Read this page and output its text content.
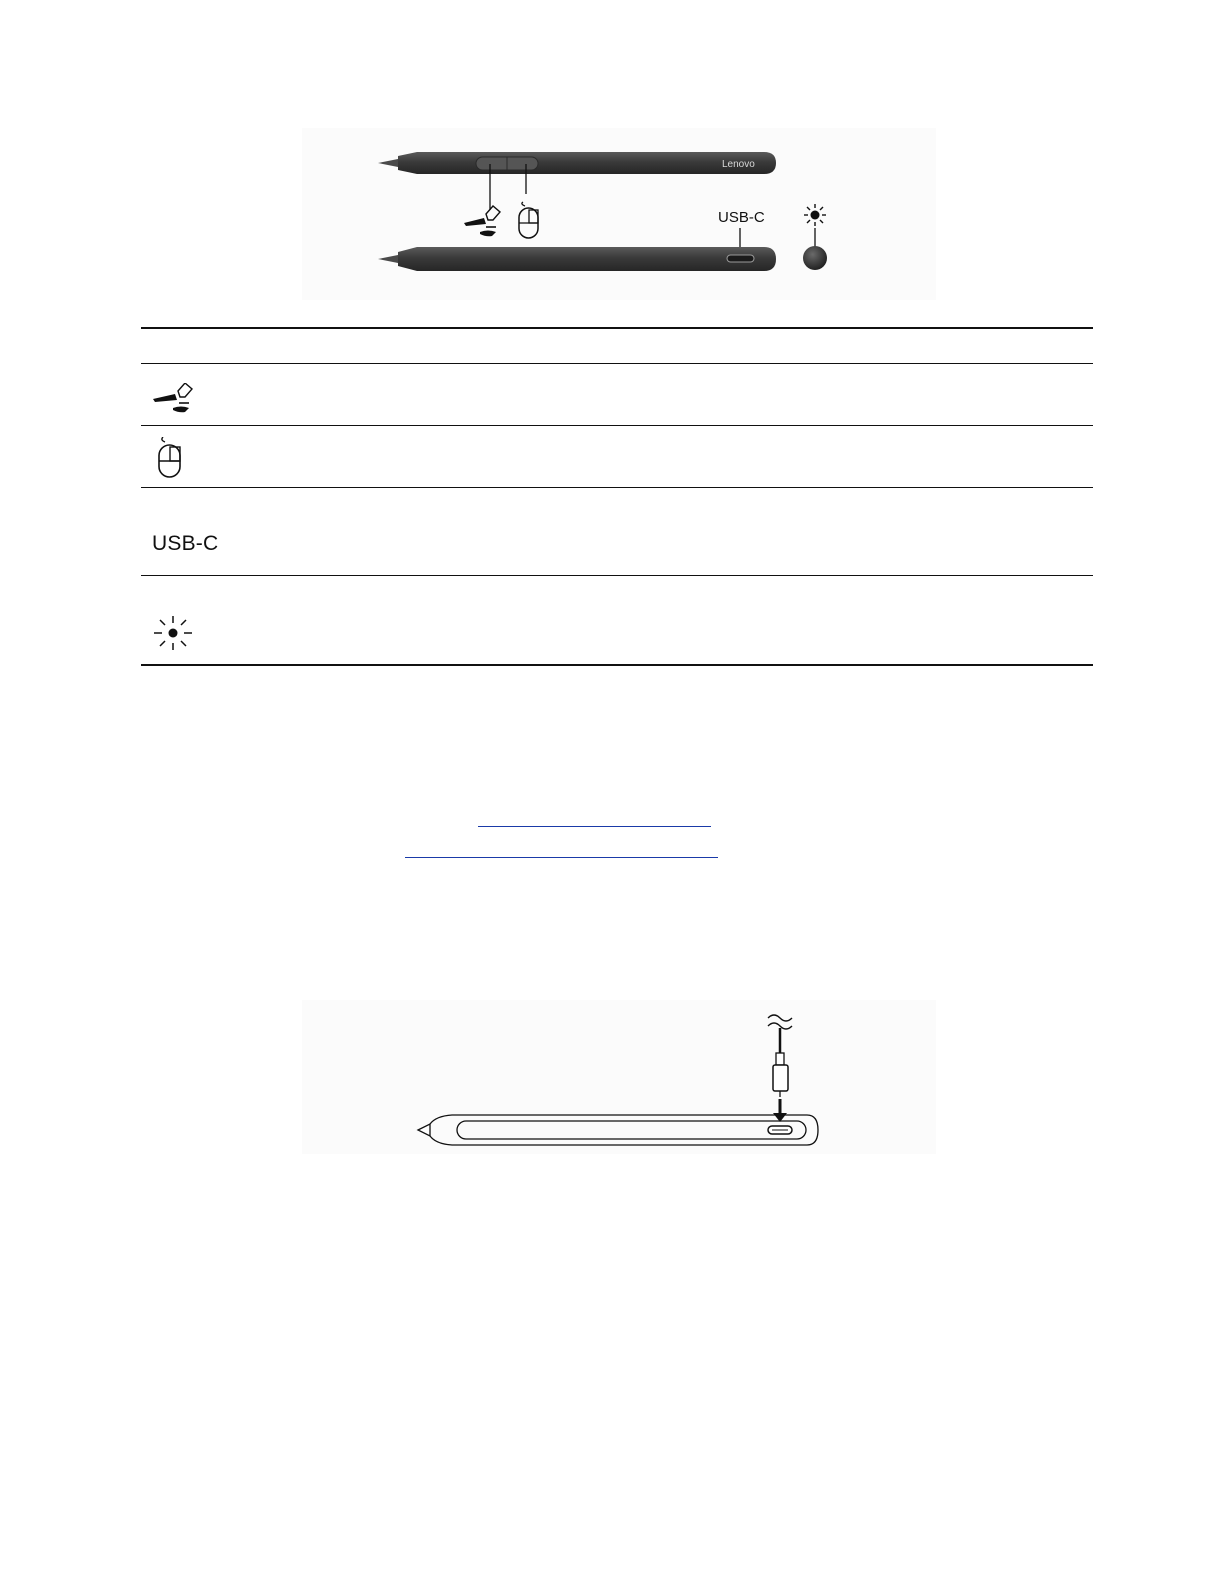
Lenovo
USB-C
USB-C
